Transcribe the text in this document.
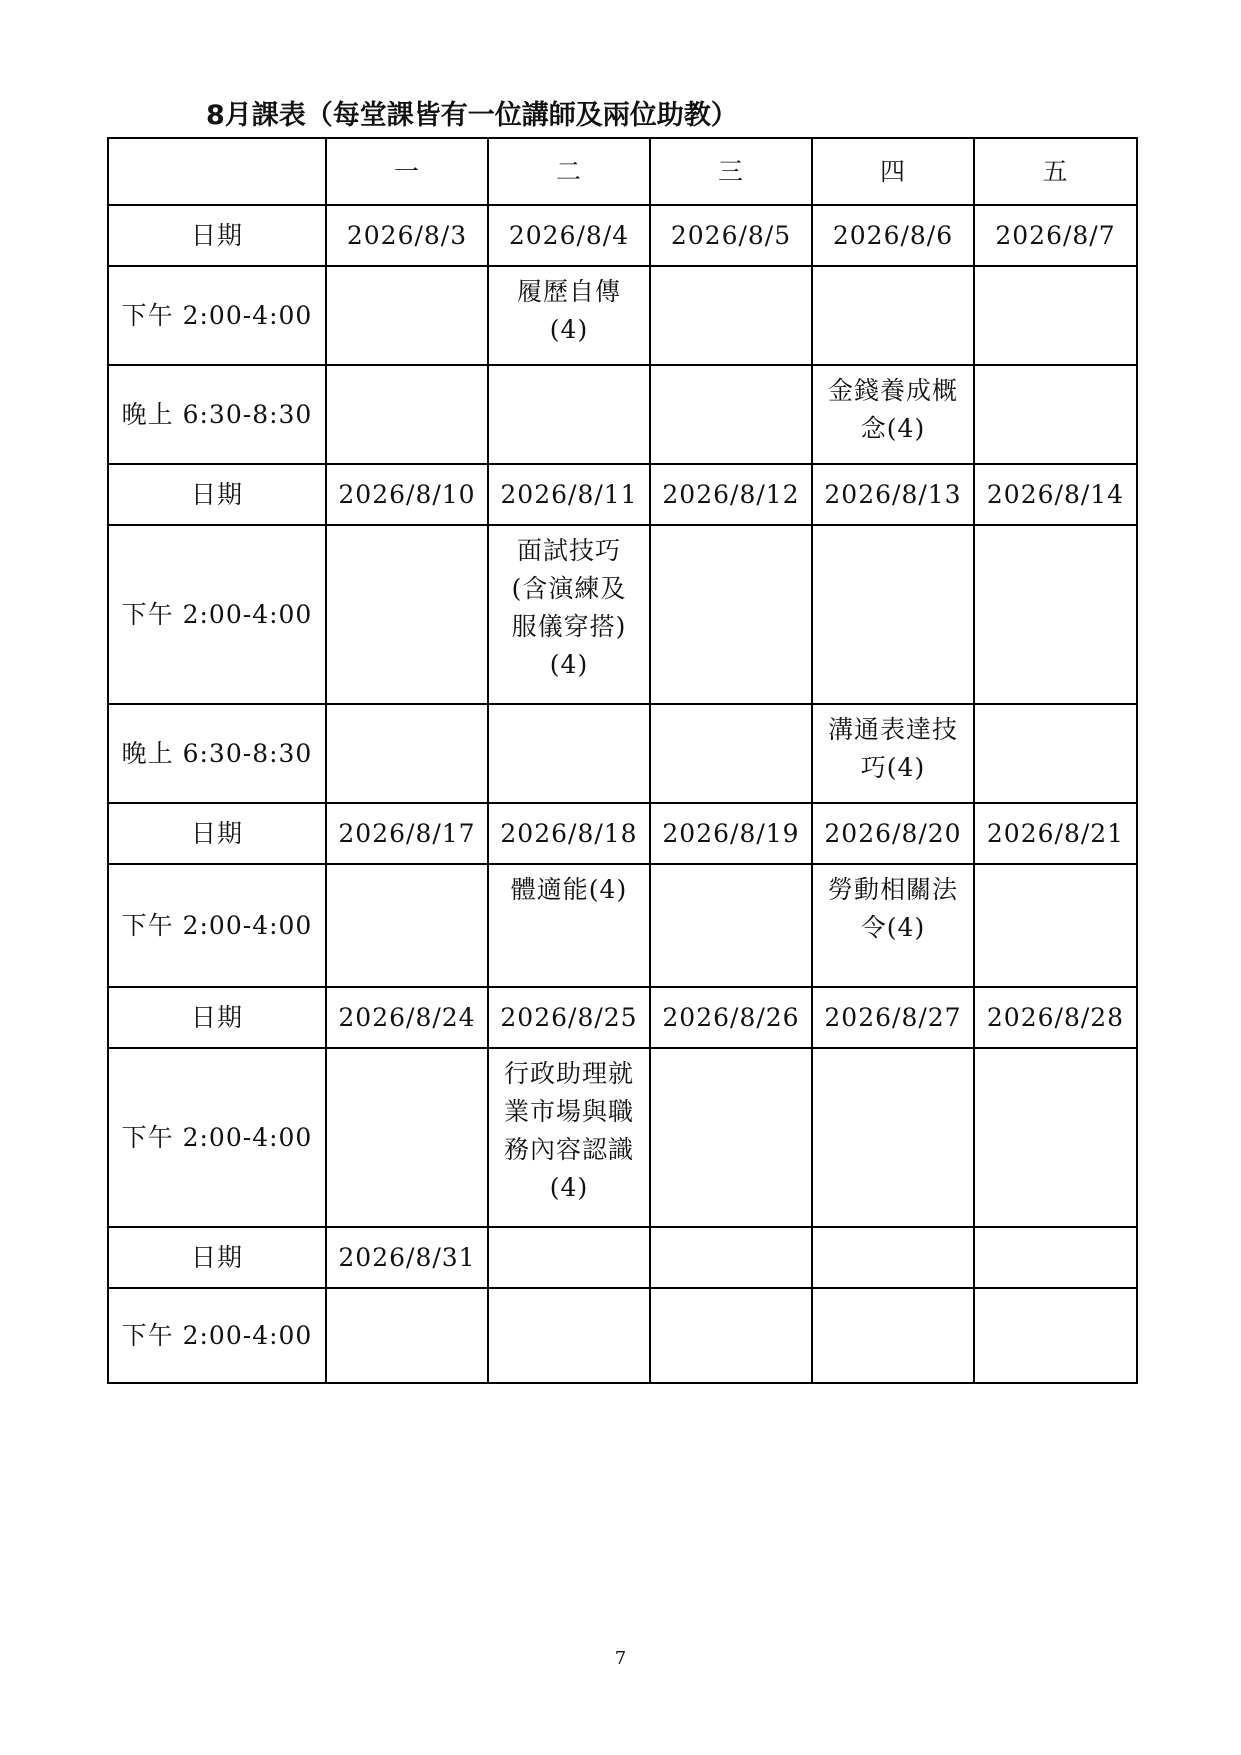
8月課表（每堂課皆有一位講師及兩位助教）
	一	二	三	四	五
日期	2026/8/3	2026/8/4	2026/8/5	2026/8/6	2026/8/7
下午 2:00-4:00		履歷自傳(4)			
晚上 6:30-8:30				金錢養成概念(4)	
日期	2026/8/10	2026/8/11	2026/8/12	2026/8/13	2026/8/14
下午 2:00-4:00		面試技巧(含演練及服儀穿搭)(4)			
晚上 6:30-8:30				溝通表達技巧(4)	
日期	2026/8/17	2026/8/18	2026/8/19	2026/8/20	2026/8/21
下午 2:00-4:00		體適能(4)		勞動相關法令(4)	
日期	2026/8/24	2026/8/25	2026/8/26	2026/8/27	2026/8/28
下午 2:00-4:00		行政助理就業市場與職務內容認識(4)			
日期	2026/8/31				
下午 2:00-4:00					
7
